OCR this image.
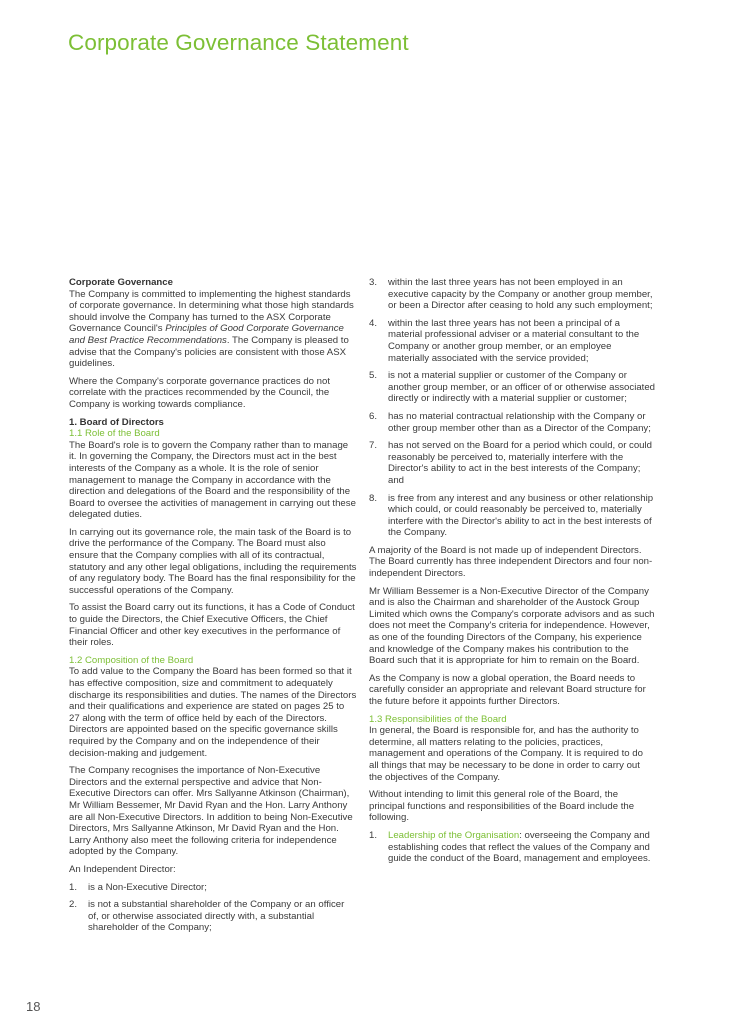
Corporate Governance Statement

Corporate Governance
The Company is committed to implementing the highest standards of corporate governance. In determining what those high standards should involve the Company has turned to the ASX Corporate Governance Council's Principles of Good Corporate Governance and Best Practice Recommendations. The Company is pleased to advise that the Company's policies are consistent with those ASX guidelines.

Where the Company's corporate governance practices do not correlate with the practices recommended by the Council, the Company is working towards compliance.

1. Board of Directors
1.1 Role of the Board
The Board's role is to govern the Company rather than to manage it. In governing the Company, the Directors must act in the best interests of the Company as a whole. It is the role of senior management to manage the Company in accordance with the direction and delegations of the Board and the responsibility of the Board to oversee the activities of management in carrying out these delegated duties.

In carrying out its governance role, the main task of the Board is to drive the performance of the Company. The Board must also ensure that the Company complies with all of its contractual, statutory and any other legal obligations, including the requirements of any regulatory body. The Board has the final responsibility for the successful operations of the Company.

To assist the Board carry out its functions, it has a Code of Conduct to guide the Directors, the Chief Executive Officers, the Chief Financial Officer and other key executives in the performance of their roles.

1.2 Composition of the Board
To add value to the Company the Board has been formed so that it has effective composition, size and commitment to adequately discharge its responsibilities and duties. The names of the Directors and their qualifications and experience are stated on pages 25 to 27 along with the term of office held by each of the Directors. Directors are appointed based on the specific governance skills required by the Company and on the independence of their decision-making and judgement.

The Company recognises the importance of Non-Executive Directors and the external perspective and advice that Non-Executive Directors can offer. Mrs Sallyanne Atkinson (Chairman), Mr William Bessemer, Mr David Ryan and the Hon. Larry Anthony are all Non-Executive Directors. In addition to being Non-Executive Directors, Mrs Sallyanne Atkinson, Mr David Ryan and the Hon. Larry Anthony also meet the following criteria for independence adopted by the Company.

An Independent Director:

1. is a Non-Executive Director;
2. is not a substantial shareholder of the Company or an officer of, or otherwise associated directly with, a substantial shareholder of the Company;
3. within the last three years has not been employed in an executive capacity by the Company or another group member, or been a Director after ceasing to hold any such employment;
4. within the last three years has not been a principal of a material professional adviser or a material consultant to the Company or another group member, or an employee materially associated with the service provided;
5. is not a material supplier or customer of the Company or another group member, or an officer of or otherwise associated directly or indirectly with a material supplier or customer;
6. has no material contractual relationship with the Company or other group member other than as a Director of the Company;
7. has not served on the Board for a period which could, or could reasonably be perceived to, materially interfere with the Director's ability to act in the best interests of the Company; and
8. is free from any interest and any business or other relationship which could, or could reasonably be perceived to, materially interfere with the Director's ability to act in the best interests of the Company.

A majority of the Board is not made up of independent Directors. The Board currently has three independent Directors and four non-independent Directors.

Mr William Bessemer is a Non-Executive Director of the Company and is also the Chairman and shareholder of the Austock Group Limited which owns the Company's corporate advisors and as such does not meet the Company's criteria for independence. However, as one of the founding Directors of the Company, his experience and knowledge of the Company makes his contribution to the Board such that it is appropriate for him to remain on the Board.

As the Company is now a global operation, the Board needs to carefully consider an appropriate and relevant Board structure for the future before it appoints further Directors.

1.3 Responsibilities of the Board
In general, the Board is responsible for, and has the authority to determine, all matters relating to the policies, practices, management and operations of the Company. It is required to do all things that may be necessary to be done in order to carry out the objectives of the Company.

Without intending to limit this general role of the Board, the principal functions and responsibilities of the Board include the following.

1. Leadership of the Organisation: overseeing the Company and establishing codes that reflect the values of the Company and guide the conduct of the Board, management and employees.
18
